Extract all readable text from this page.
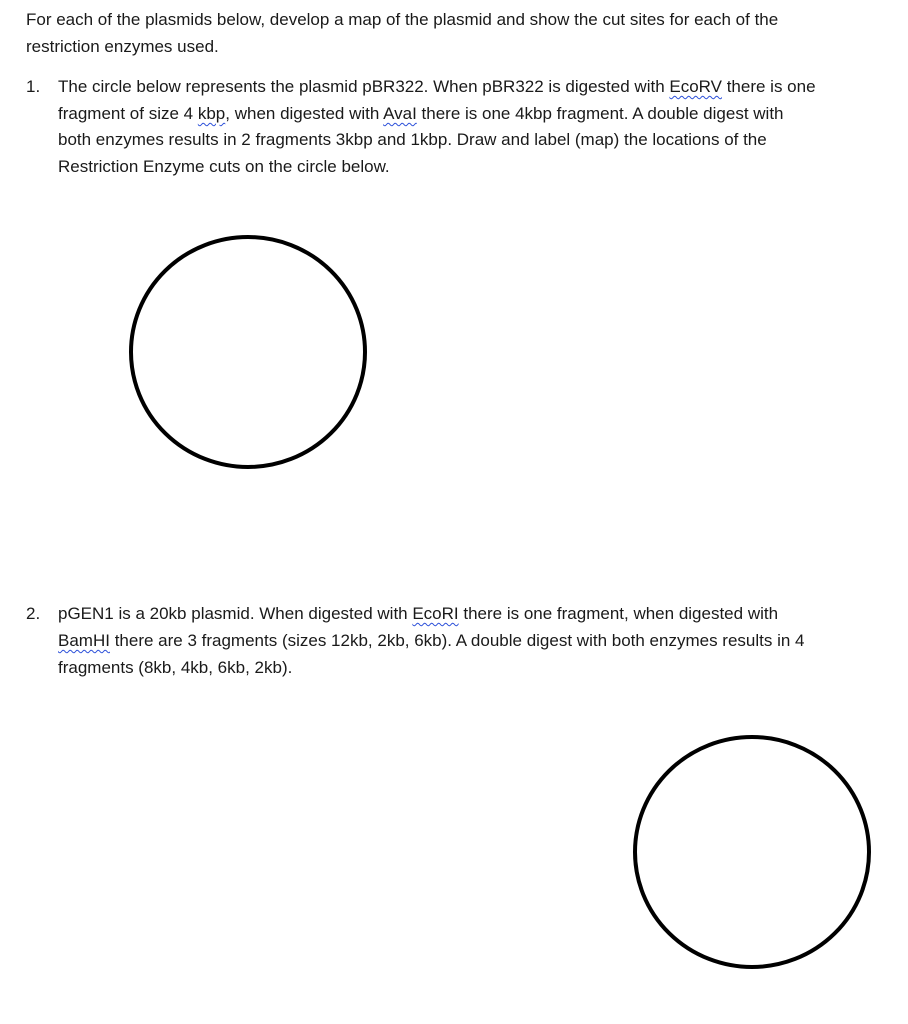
For each of the plasmids below, develop a map of the plasmid and show the cut sites for each of the

restriction enzymes used.

1. The circle below represents the plasmid pBR322. When pBR322 is digested with EcoRV there is one

fragment of size 4 kbp, when digested with AvaI there is one 4kbp fragment. A double digest with

both enzymes results in 2 fragments 3kbp and 1kbp. Draw and label (map) the locations of the

Restriction Enzyme cuts on the circle below.

2. pGEN1 is a 20kb plasmid. When digested with EcoRI there is one fragment, when digested with

BamHI there are 3 fragments (sizes 12kb, 2kb, 6kb). A double digest with both enzymes results in 4

fragments (8kb, 4kb, 6kb, 2kb).
